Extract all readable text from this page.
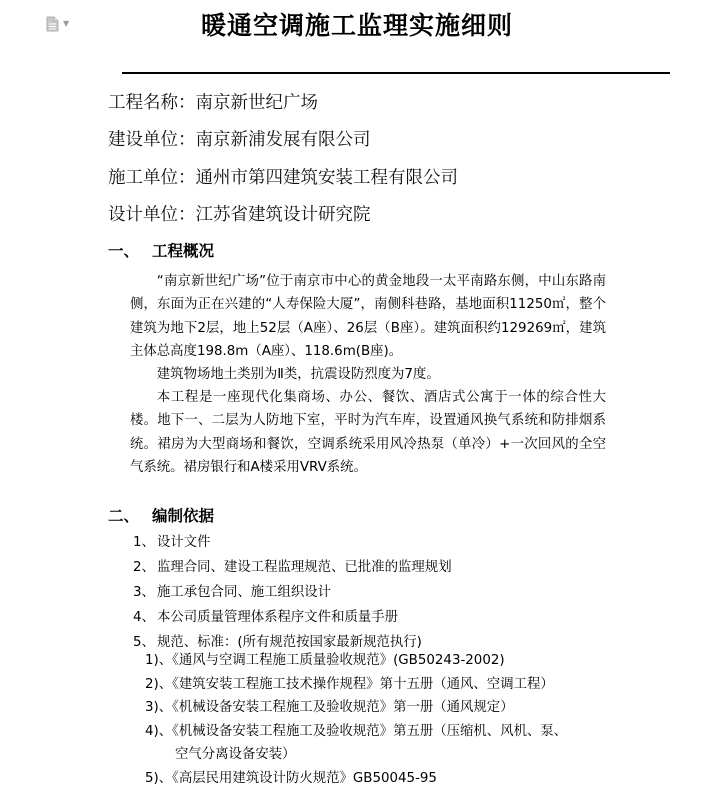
▼	暖通空调施工监理实施细则
工程名称：南京新世纪广场
建设单位：南京新浦发展有限公司
施工单位：通州市第四建筑安装工程有限公司
设计单位：江苏省建筑设计研究院
一、 工程概况
“南京新世纪广场”位于南京市中心的黄金地段一太平南路东侧，中山东路南侧，东面为正在兴建的“人寿保险大厦”，南侧科巷路，基地面积11250㎡，整个建筑为地下2层，地上52层（A座）、26层（B座）。建筑面积约129269㎡，建筑主体总高度198.8m（A座）、118.6m(B座)。
建筑物场地土类别为Ⅱ类，抗震设防烈度为7度。
本工程是一座现代化集商场、办公、餐饮、酒店式公寓于一体的综合性大楼。地下一、二层为人防地下室，平时为汽车库，设置通风换气系统和防排烟系统。裙房为大型商场和餐饮，空调系统采用风冷热泵（单冷）+一次回风的全空气系统。裙房银行和A楼采用VRV系统。
二、 编制依据
1、 设计文件
2、 监理合同、建设工程监理规范、已批准的监理规划
3、 施工承包合同、施工组织设计
4、 本公司质量管理体系程序文件和质量手册
5、 规范、标准：(所有规范按国家最新规范执行)
1)、《通风与空调工程施工质量验收规范》(GB50243-2002)
2)、《建筑安装工程施工技术操作规程》第十五册（通风、空调工程）
3)、《机械设备安装工程施工及验收规范》第一册（通风规定）
4)、《机械设备安装工程施工及验收规范》第五册（压缩机、风机、泵、
空气分离设备安装）
5)、《高层民用建筑设计防火规范》GB50045-95
